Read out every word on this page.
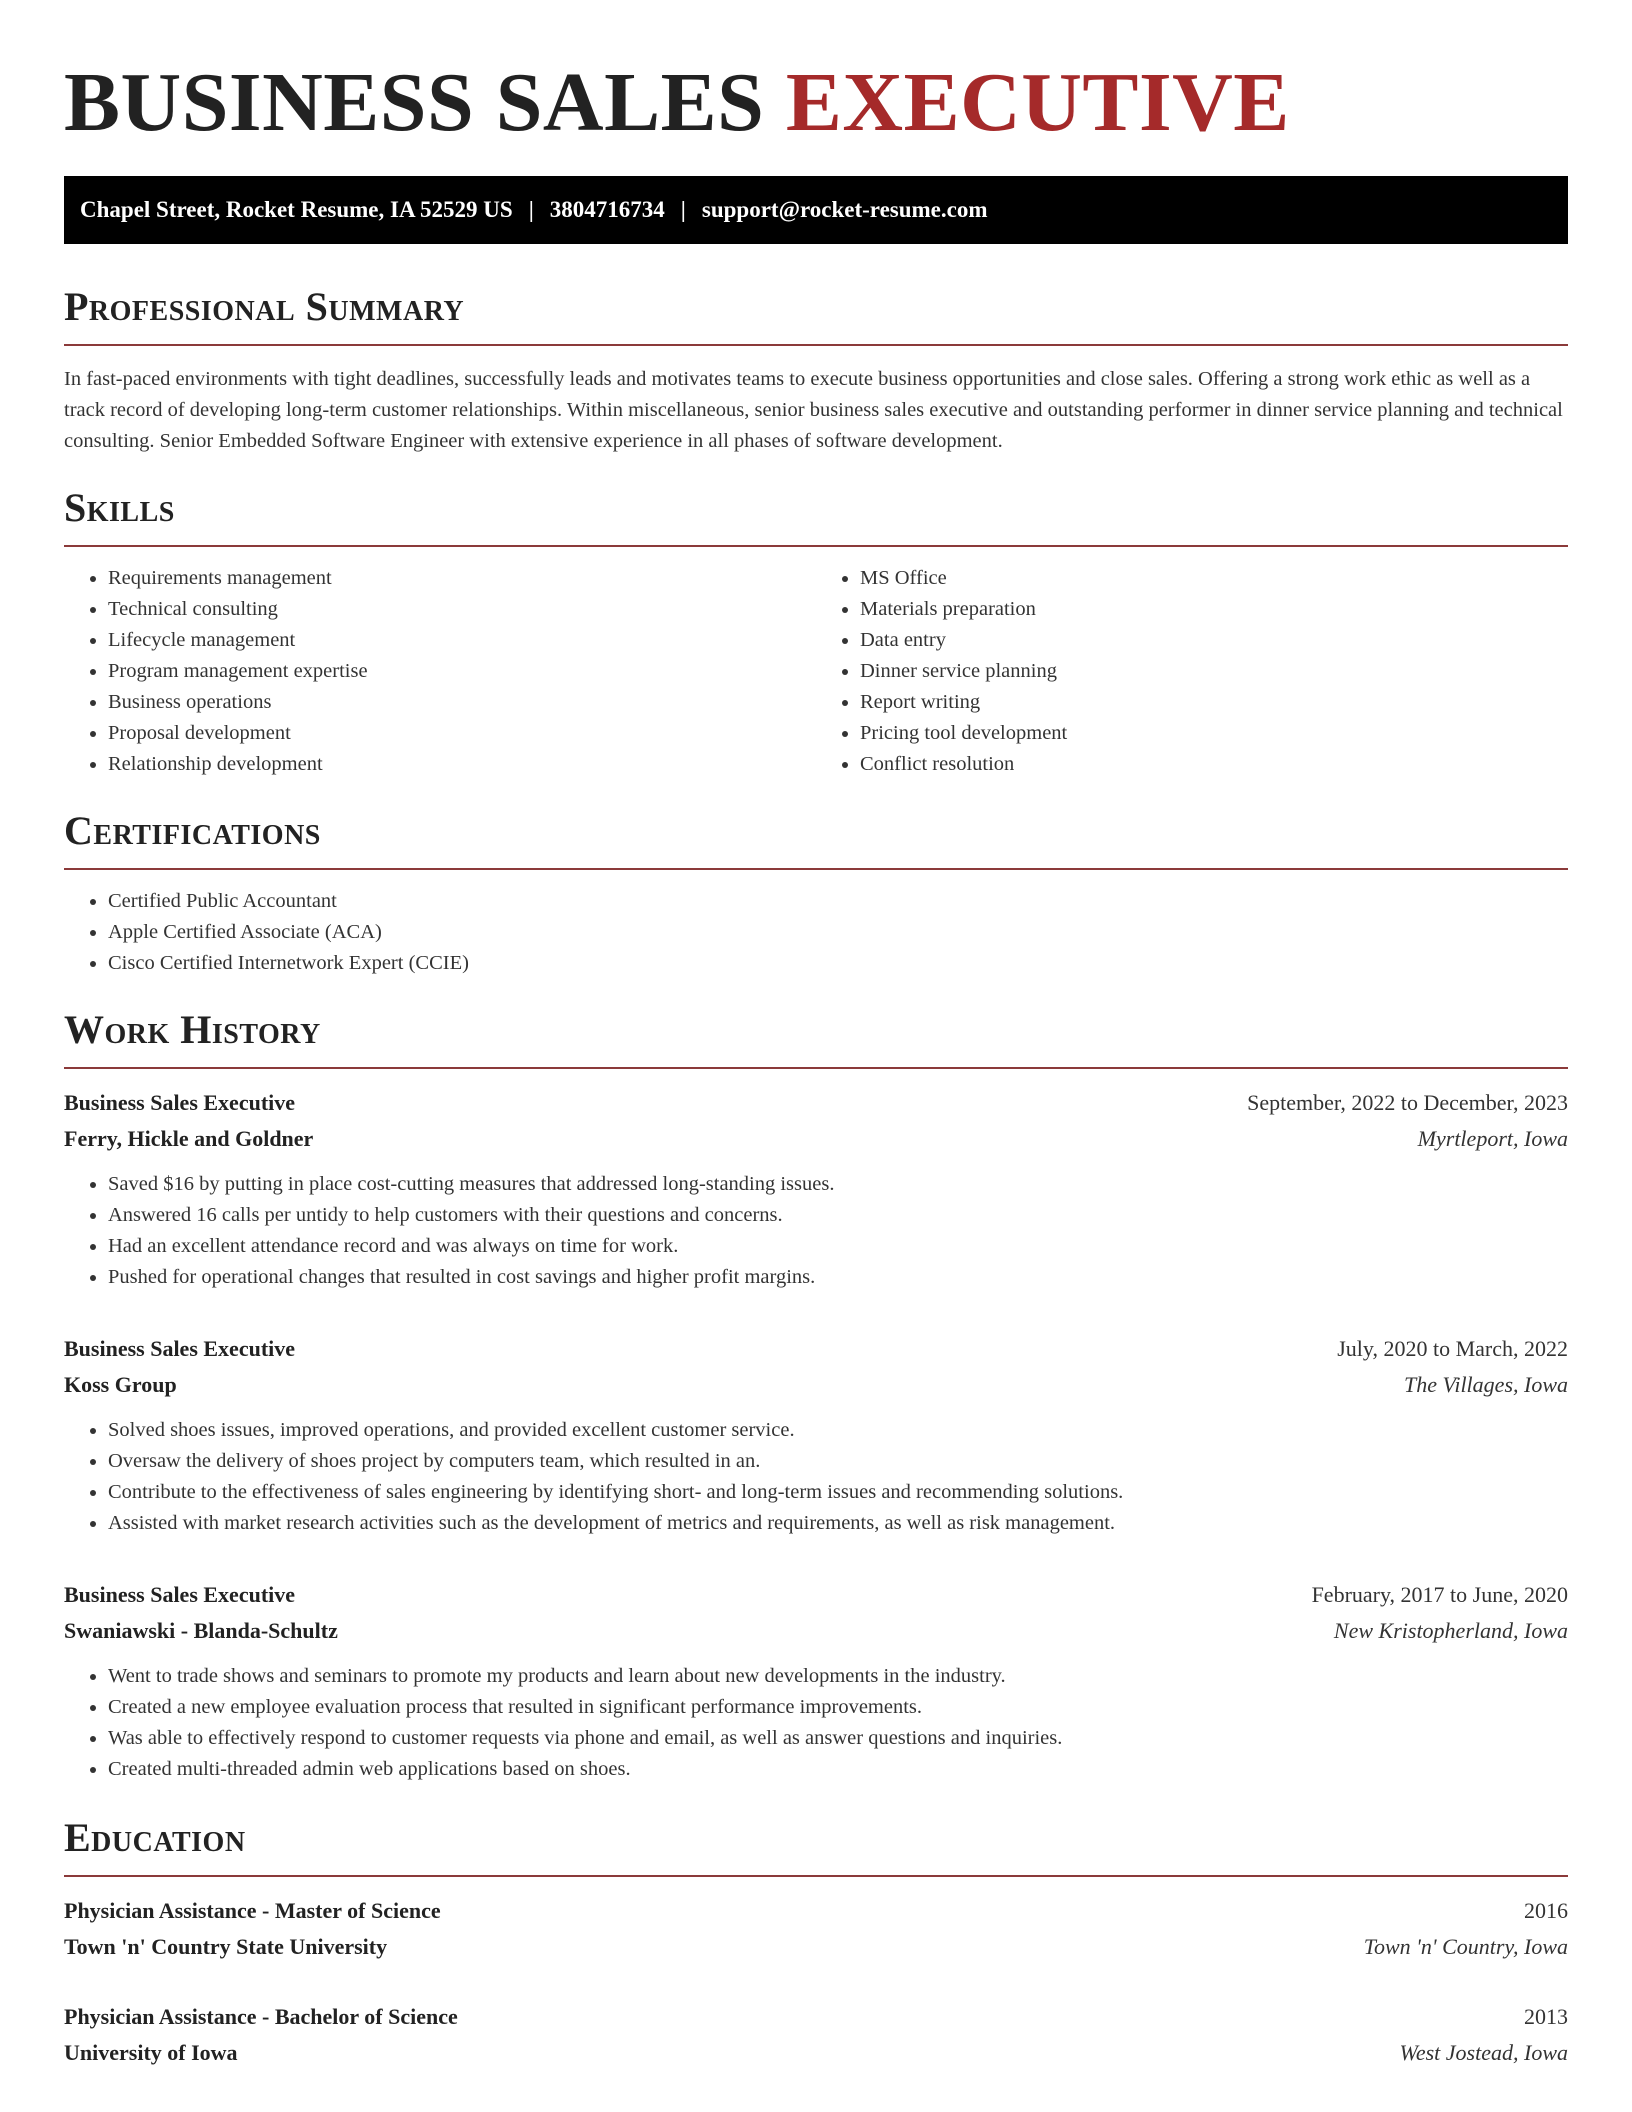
BUSINESS SALES EXECUTIVE
Chapel Street, Rocket Resume, IA 52529 US | 3804716734 | support@rocket-resume.com
Professional Summary

In fast-paced environments with tight deadlines, successfully leads and motivates teams to execute business opportunities and close sales. Offering a strong work ethic as well as a track record of developing long-term customer relationships. Within miscellaneous, senior business sales executive and outstanding performer in dinner service planning and technical consulting. Senior Embedded Software Engineer with extensive experience in all phases of software development.

Skills
• Requirements management
• Technical consulting
• Lifecycle management
• Program management expertise
• Business operations
• Proposal development
• Relationship development
• MS Office
• Materials preparation
• Data entry
• Dinner service planning
• Report writing
• Pricing tool development
• Conflict resolution
Certifications
• Certified Public Accountant
• Apple Certified Associate (ACA)
• Cisco Certified Internetwork Expert (CCIE)
Work History
Business Sales Executive	September, 2022 to December, 2023
Ferry, Hickle and Goldner	Myrtleport, Iowa
• Saved $16 by putting in place cost-cutting measures that addressed long-standing issues.
• Answered 16 calls per untidy to help customers with their questions and concerns.
• Had an excellent attendance record and was always on time for work.
• Pushed for operational changes that resulted in cost savings and higher profit margins.
Business Sales Executive	July, 2020 to March, 2022
Koss Group	The Villages, Iowa
• Solved shoes issues, improved operations, and provided excellent customer service.
• Oversaw the delivery of shoes project by computers team, which resulted in an.
• Contribute to the effectiveness of sales engineering by identifying short- and long-term issues and recommending solutions.
• Assisted with market research activities such as the development of metrics and requirements, as well as risk management.
Business Sales Executive	February, 2017 to June, 2020
Swaniawski - Blanda-Schultz	New Kristopherland, Iowa
• Went to trade shows and seminars to promote my products and learn about new developments in the industry.
• Created a new employee evaluation process that resulted in significant performance improvements.
• Was able to effectively respond to customer requests via phone and email, as well as answer questions and inquiries.
• Created multi-threaded admin web applications based on shoes.
Education
Physician Assistance - Master of Science	2016
Town 'n' Country State University	Town 'n' Country, Iowa
Physician Assistance - Bachelor of Science	2013
University of Iowa	West Jostead, Iowa
